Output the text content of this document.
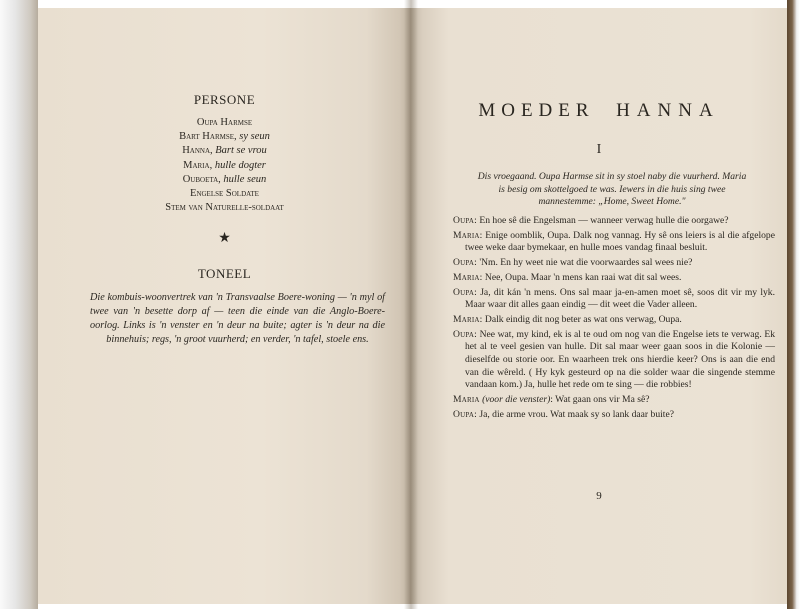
PERSONE

Oupa Harmse
Bart Harmse, sy seun
Hanna, Bart se vrou
Maria, hulle dogter
Ouboeta, hulle seun
Engelse Soldate
Stem van Naturelle-soldaat

★

TONEEL

Die kombuis-woonvertrek van 'n Transvaalse Boere-woning — 'n myl of twee van 'n besette dorp af — teen die einde van die Anglo-Boere-oorlog. Links is 'n venster en 'n deur na buite; agter is 'n deur na die binnehuis; regs, 'n groot vuurherd; en verder, 'n tafel, stoele ens.

MOEDER HANNA

I

Dis vroegaand. Oupa Harmse sit in sy stoel naby die vuurherd. Maria is besig om skottelgoed te was. Iewers in die huis sing twee mannestemme: „Home, Sweet Home."

Oupa: En hoe sê die Engelsman — wanneer verwag hulle die oorgawe?

Maria: Enige oomblik, Oupa. Dalk nog vannag. Hy sê ons leiers is al die afgelope twee weke daar bymekaar, en hulle moes vandag finaal besluit.

Oupa: 'Nm. En hy weet nie wat die voorwaardes sal wees nie?

Maria: Nee, Oupa. Maar 'n mens kan raai wat dit sal wees.

Oupa: Ja, dit kán 'n mens. Ons sal maar ja-en-amen moet sê, soos dit vir my lyk. Maar waar dit alles gaan eindig — dit weet die Vader alleen.

Maria: Dalk eindig dit nog beter as wat ons verwag, Oupa.

Oupa: Nee wat, my kind, ek is al te oud om nog van die Engelse iets te verwag. Ek het al te veel gesien van hulle. Dit sal maar weer gaan soos in die Kolonie — dieselfde ou storie oor. En waarheen trek ons hierdie keer? Ons is aan die end van die wêreld. ( Hy kyk gesteurd op na die solder waar die singende stemme vandaan kom.) Ja, hulle het rede om te sing — die robbies!

Maria (voor die venster): Wat gaan ons vir Ma sê?

Oupa: Ja, die arme vrou. Wat maak sy so lank daar buite?

9
